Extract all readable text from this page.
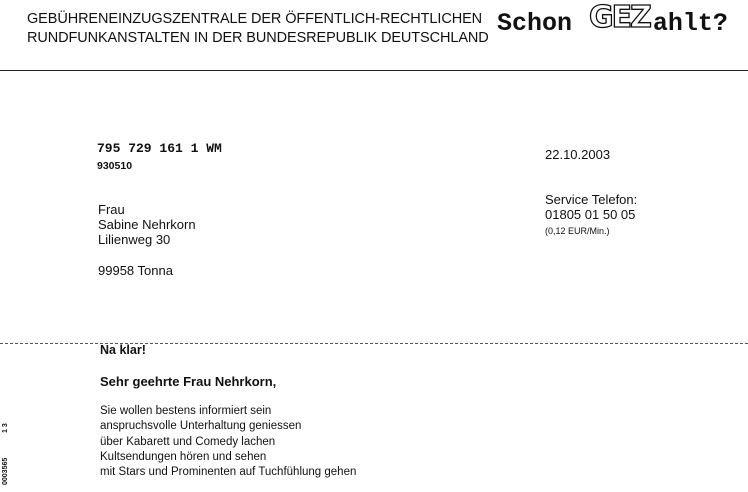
GEBÜHRENEINZUGSZENTRALE DER ÖFFENTLICH-RECHTLICHEN
RUNDFUNKANSTALTEN IN DER BUNDESREPUBLIK DEUTSCHLAND Schon GEZ ahlt?
795 729 161 1 WM
930510
Frau
Sabine Nehrkorn
Lilienweg 30
99958 Tonna
22.10.2003
Service Telefon:
01805 01 50 05
(0,12 EUR/Min.)
Na klar!
Sehr geehrte Frau Nehrkorn,
Sie wollen bestens informiert sein
anspruchsvolle Unterhaltung geniessen
über Kabarett und Comedy lachen
Kultsendungen hören und sehen
mit Stars und Prominenten auf Tuchfühlung gehen
1 3
0003565
